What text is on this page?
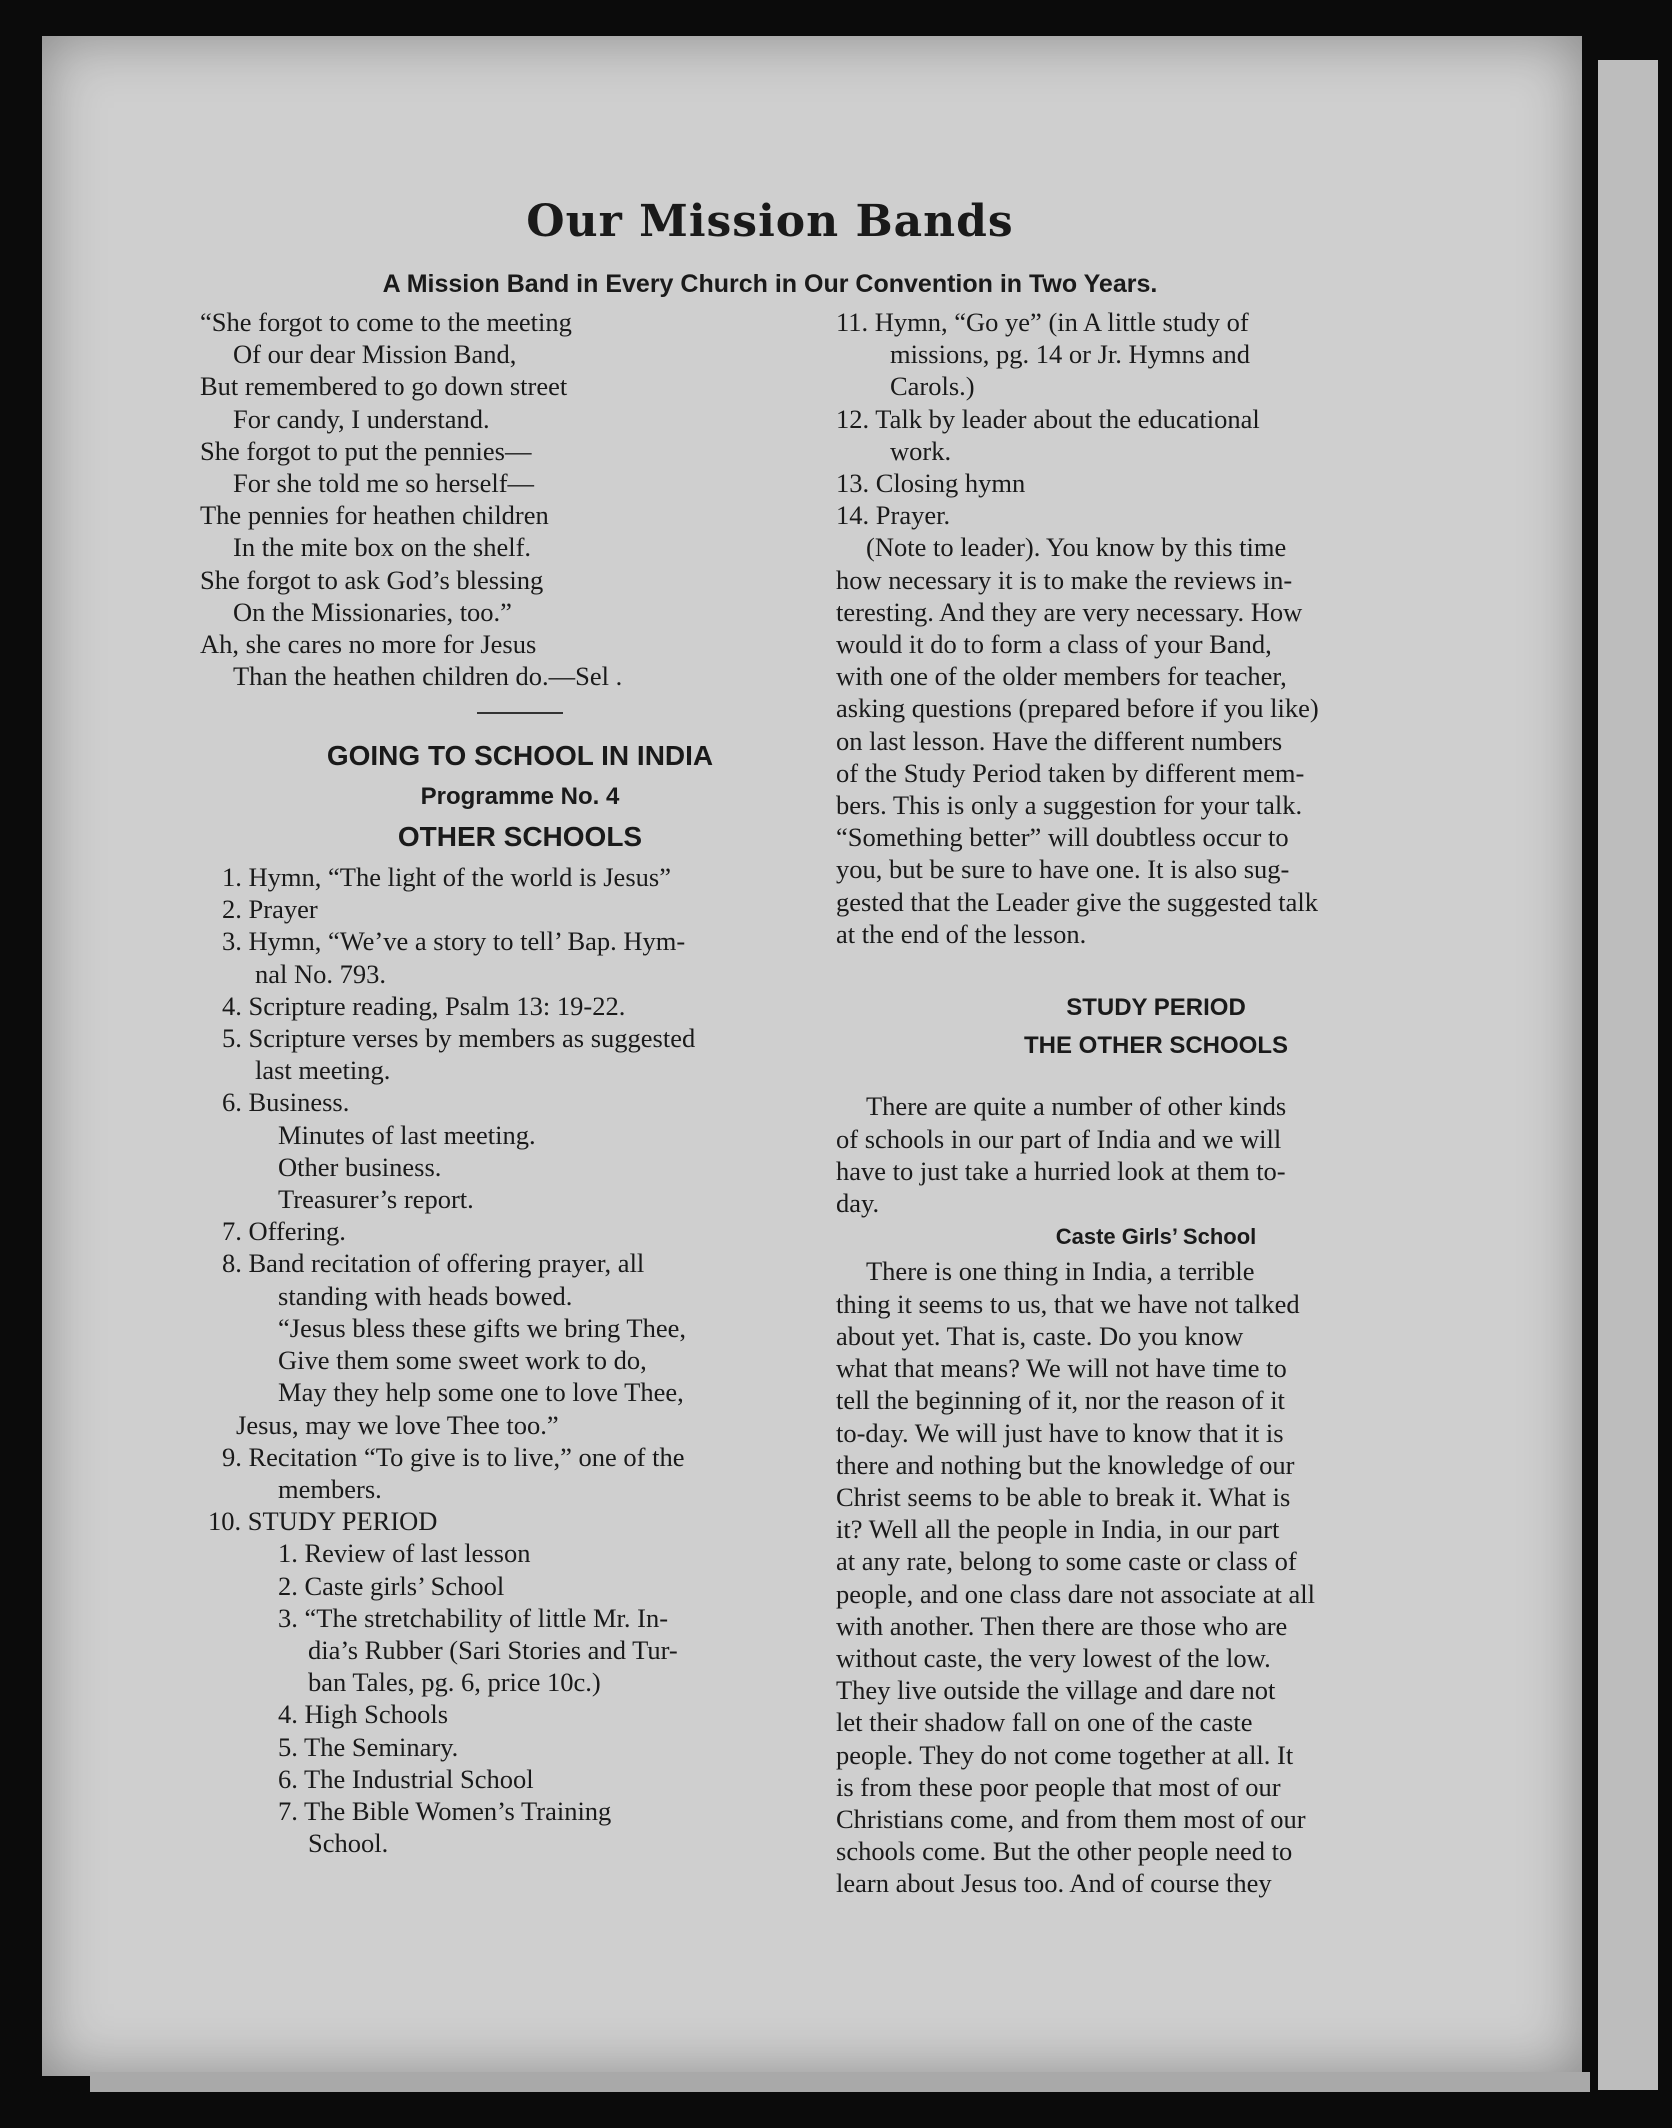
Our Mission Bands
A Mission Band in Every Church in Our Convention in Two Years.
“She forgot to come to the meeting
Of our dear Mission Band,
But remembered to go down street
For candy, I understand.
She forgot to put the pennies—
For she told me so herself—
The pennies for heathen children
In the mite box on the shelf.
She forgot to ask God’s blessing
On the Missionaries, too.”
Ah, she cares no more for Jesus
Than the heathen children do.—Sel .
GOING TO SCHOOL IN INDIA
Programme No. 4
OTHER SCHOOLS
1. Hymn, “The light of the world is Jesus”
2. Prayer
3. Hymn, “We’ve a story to tell’ Bap. Hym-
nal No. 793.
4. Scripture reading, Psalm 13: 19-22.
5. Scripture verses by members as suggested
last meeting.
6. Business.
Minutes of last meeting.
Other business.
Treasurer’s report.
7. Offering.
8. Band recitation of offering prayer, all
standing with heads bowed.
“Jesus bless these gifts we bring Thee,
Give them some sweet work to do,
May they help some one to love Thee,
Jesus, may we love Thee too.”
9. Recitation “To give is to live,” one of the
members.
10. STUDY PERIOD
1. Review of last lesson
2. Caste girls’ School
3. “The stretchability of little Mr. In-
dia’s Rubber (Sari Stories and Tur-
ban Tales, pg. 6, price 10c.)
4. High Schools
5. The Seminary.
6. The Industrial School
7. The Bible Women’s Training
School.
11. Hymn, “Go ye” (in A little study of
missions, pg. 14 or Jr. Hymns and
Carols.)
12. Talk by leader about the educational
work.
13. Closing hymn
14. Prayer.
(Note to leader). You know by this time
how necessary it is to make the reviews in-
teresting. And they are very necessary. How
would it do to form a class of your Band,
with one of the older members for teacher,
asking questions (prepared before if you like)
on last lesson. Have the different numbers
of the Study Period taken by different mem-
bers. This is only a suggestion for your talk.
“Something better” will doubtless occur to
you, but be sure to have one. It is also sug-
gested that the Leader give the suggested talk
at the end of the lesson.
STUDY PERIOD
THE OTHER SCHOOLS
There are quite a number of other kinds
of schools in our part of India and we will
have to just take a hurried look at them to-
day.
Caste Girls’ School
There is one thing in India, a terrible
thing it seems to us, that we have not talked
about yet. That is, caste. Do you know
what that means? We will not have time to
tell the beginning of it, nor the reason of it
to-day. We will just have to know that it is
there and nothing but the knowledge of our
Christ seems to be able to break it. What is
it? Well all the people in India, in our part
at any rate, belong to some caste or class of
people, and one class dare not associate at all
with another. Then there are those who are
without caste, the very lowest of the low.
They live outside the village and dare not
let their shadow fall on one of the caste
people. They do not come together at all. It
is from these poor people that most of our
Christians come, and from them most of our
schools come. But the other people need to
learn about Jesus too. And of course they
